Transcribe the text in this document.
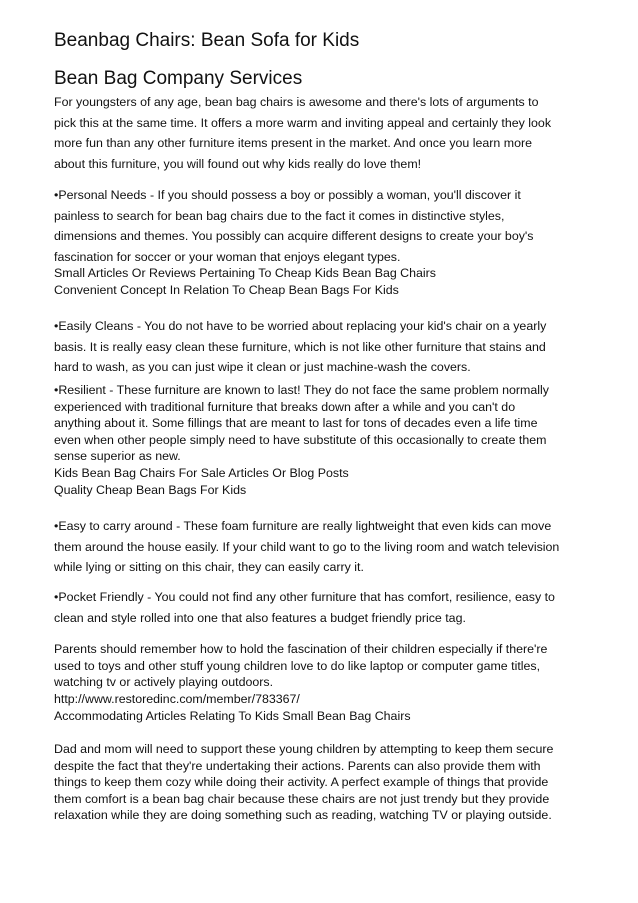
Beanbag Chairs: Bean Sofa for Kids
Bean Bag Company Services
For youngsters of any age, bean bag chairs is awesome and there's lots of arguments to
pick this at the same time. It offers a more warm and inviting appeal and certainly they look
more fun than any other furniture items present in the market. And once you learn more
about this furniture, you will found out why kids really do love them!
•Personal Needs - If you should possess a boy or possibly a woman, you'll discover it
painless to search for bean bag chairs due to the fact it comes in distinctive styles,
dimensions and themes. You possibly can acquire different designs to create your boy's
fascination for soccer or your woman that enjoys elegant types.
Small Articles Or Reviews Pertaining To Cheap Kids Bean Bag Chairs
Convenient Concept In Relation To Cheap Bean Bags For Kids
•Easily Cleans - You do not have to be worried about replacing your kid's chair on a yearly
basis. It is really easy clean these furniture, which is not like other furniture that stains and
hard to wash, as you can just wipe it clean or just machine-wash the covers.
•Resilient - These furniture are known to last! They do not face the same problem normally
experienced with traditional furniture that breaks down after a while and you can't do
anything about it. Some fillings that are meant to last for tons of decades even a life time
even when other people simply need to have substitute of this occasionally to create them
sense superior as new.
Kids Bean Bag Chairs For Sale Articles Or Blog Posts
Quality Cheap Bean Bags For Kids
•Easy to carry around - These foam furniture are really lightweight that even kids can move
them around the house easily. If your child want to go to the living room and watch television
while lying or sitting on this chair, they can easily carry it.
•Pocket Friendly - You could not find any other furniture that has comfort, resilience, easy to
clean and style rolled into one that also features a budget friendly price tag.
Parents should remember how to hold the fascination of their children especially if there're
used to toys and other stuff young children love to do like laptop or computer game titles,
watching tv or actively playing outdoors.
http://www.restoredinc.com/member/783367/
Accommodating Articles Relating To Kids Small Bean Bag Chairs
Dad and mom will need to support these young children by attempting to keep them secure
despite the fact that they're undertaking their actions. Parents can also provide them with
things to keep them cozy while doing their activity. A perfect example of things that provide
them comfort is a bean bag chair because these chairs are not just trendy but they provide
relaxation while they are doing something such as reading, watching TV or playing outside.
